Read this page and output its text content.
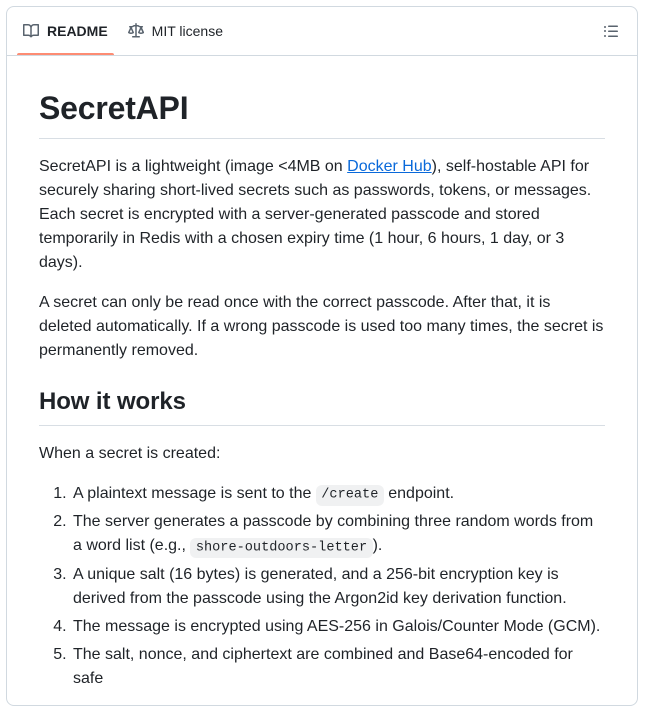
README	MIT license
SecretAPI

SecretAPI is a lightweight (image <4MB on Docker Hub), self-hostable API for securely sharing short-lived secrets such as passwords, tokens, or messages. Each secret is encrypted with a server-generated passcode and stored temporarily in Redis with a chosen expiry time (1 hour, 6 hours, 1 day, or 3 days).

A secret can only be read once with the correct passcode. After that, it is deleted automatically. If a wrong passcode is used too many times, the secret is permanently removed.

How it works

When a secret is created:

1. A plaintext message is sent to the /create endpoint.
2. The server generates a passcode by combining three random words from a word list (e.g., shore-outdoors-letter ).
3. A unique salt (16 bytes) is generated, and a 256-bit encryption key is derived from the passcode using the Argon2id key derivation function.
4. The message is encrypted using AES-256 in Galois/Counter Mode (GCM).
5. The salt, nonce, and ciphertext are combined and Base64-encoded for safe
